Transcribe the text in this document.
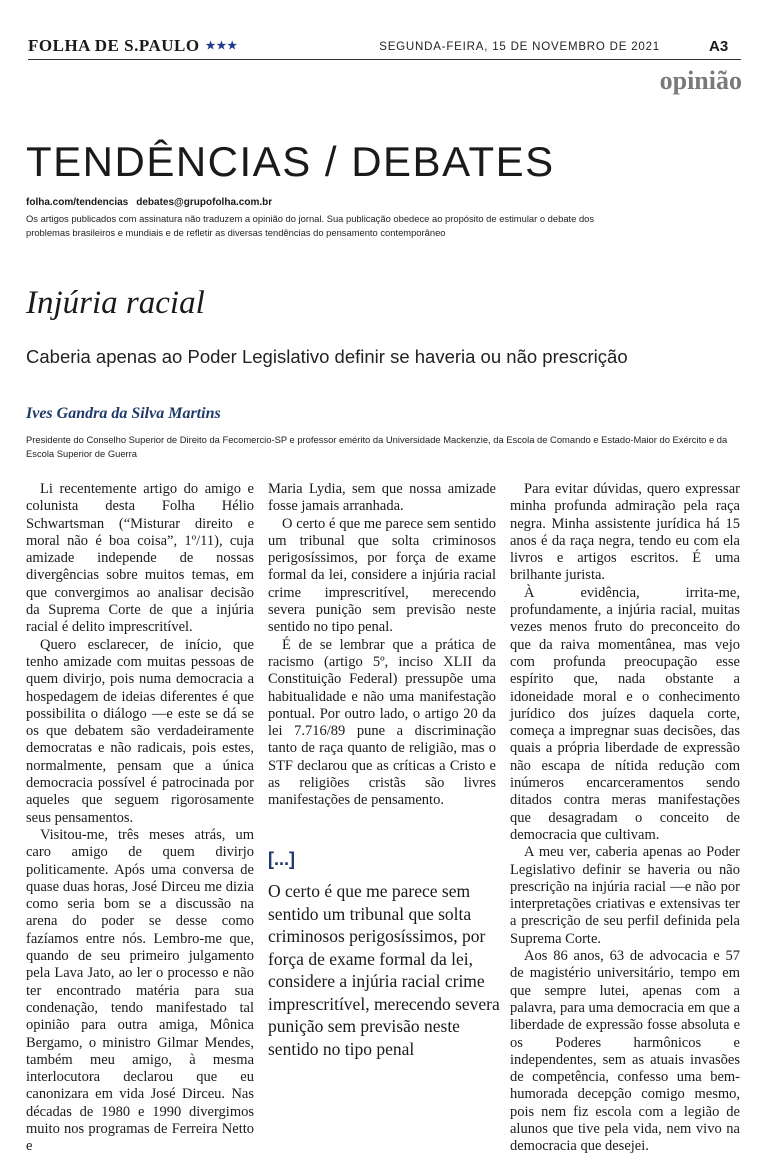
FOLHA DE S.PAULO ★★★	SEGUNDA-FEIRA, 15 DE NOVEMBRO DE 2021	A3
opinião
TENDÊNCIAS / DEBATES
folha.com/tendencias debates@grupofolha.com.br
Os artigos publicados com assinatura não traduzem a opinião do jornal. Sua publicação obedece ao propósito de estimular o debate dos problemas brasileiros e mundiais e de refletir as diversas tendências do pensamento contemporâneo
Injúria racial
Caberia apenas ao Poder Legislativo definir se haveria ou não prescrição
Ives Gandra da Silva Martins
Presidente do Conselho Superior de Direito da Fecomercio-SP e professor emérito da Universidade Mackenzie, da Escola de Comando e Estado-Maior do Exército e da Escola Superior de Guerra

Li recentemente artigo do amigo e colunista desta Folha Hélio Schwartsman (“Misturar direito e moral não é boa coisa”, 1º/11), cuja amizade independe de nossas divergências sobre muitos temas, em que convergimos ao analisar decisão da Suprema Corte de que a injúria racial é delito imprescritível.

Quero esclarecer, de início, que tenho amizade com muitas pessoas de quem divirjo, pois numa democracia a hospedagem de ideias diferentes é que possibilita o diálogo —e este se dá se os que debatem são verdadeiramente democratas e não radicais, pois estes, normalmente, pensam que a única democracia possível é patrocinada por aqueles que seguem rigorosamente seus pensamentos.

Visitou-me, três meses atrás, um caro amigo de quem divirjo politicamente. Após uma conversa de quase duas horas, José Dirceu me dizia como seria bom se a discussão na arena do poder se desse como fazíamos entre nós. Lembro-me que, quando de seu primeiro julgamento pela Lava Jato, ao ler o processo e não ter encontrado matéria para sua condenação, tendo manifestado tal opinião para outra amiga, Mônica Bergamo, o ministro Gilmar Mendes, também meu amigo, à mesma interlocutora declarou que eu canonizara em vida José Dirceu. Nas décadas de 1980 e 1990 divergimos muito nos programas de Ferreira Netto e

Maria Lydia, sem que nossa amizade fosse jamais arranhada.

O certo é que me parece sem sentido um tribunal que solta criminosos perigosíssimos, por força de exame formal da lei, considere a injúria racial crime imprescritível, merecendo severa punição sem previsão neste sentido no tipo penal.

É de se lembrar que a prática de racismo (artigo 5º, inciso XLII da Constituição Federal) pressupõe uma habitualidade e não uma manifestação pontual. Por outro lado, o artigo 20 da lei 7.716/89 pune a discriminação tanto de raça quanto de religião, mas o STF declarou que as críticas a Cristo e as religiões cristãs são livres manifestações de pensamento.

[...]
O certo é que me parece sem sentido um tribunal que solta criminosos perigosíssimos, por força de exame formal da lei, considere a injúria racial crime imprescritível, merecendo severa punição sem previsão neste sentido no tipo penal

Para evitar dúvidas, quero expressar minha profunda admiração pela raça negra. Minha assistente jurídica há 15 anos é da raça negra, tendo eu com ela livros e artigos escritos. É uma brilhante jurista.

À evidência, irrita-me, profundamente, a injúria racial, muitas vezes menos fruto do preconceito do que da raiva momentânea, mas vejo com profunda preocupação esse espírito que, nada obstante a idoneidade moral e o conhecimento jurídico dos juízes daquela corte, começa a impregnar suas decisões, das quais a própria liberdade de expressão não escapa de nítida redução com inúmeros encarceramentos sendo ditados contra meras manifestações que desagradam o conceito de democracia que cultivam.

A meu ver, caberia apenas ao Poder Legislativo definir se haveria ou não prescrição na injúria racial —e não por interpretações criativas e extensivas ter a prescrição de seu perfil definida pela Suprema Corte.

Aos 86 anos, 63 de advocacia e 57 de magistério universitário, tempo em que sempre lutei, apenas com a palavra, para uma democracia em que a liberdade de expressão fosse absoluta e os Poderes harmônicos e independentes, sem as atuais invasões de competência, confesso uma bem-humorada decepção comigo mesmo, pois nem fiz escola com a legião de alunos que tive pela vida, nem vivo na democracia que desejei.
